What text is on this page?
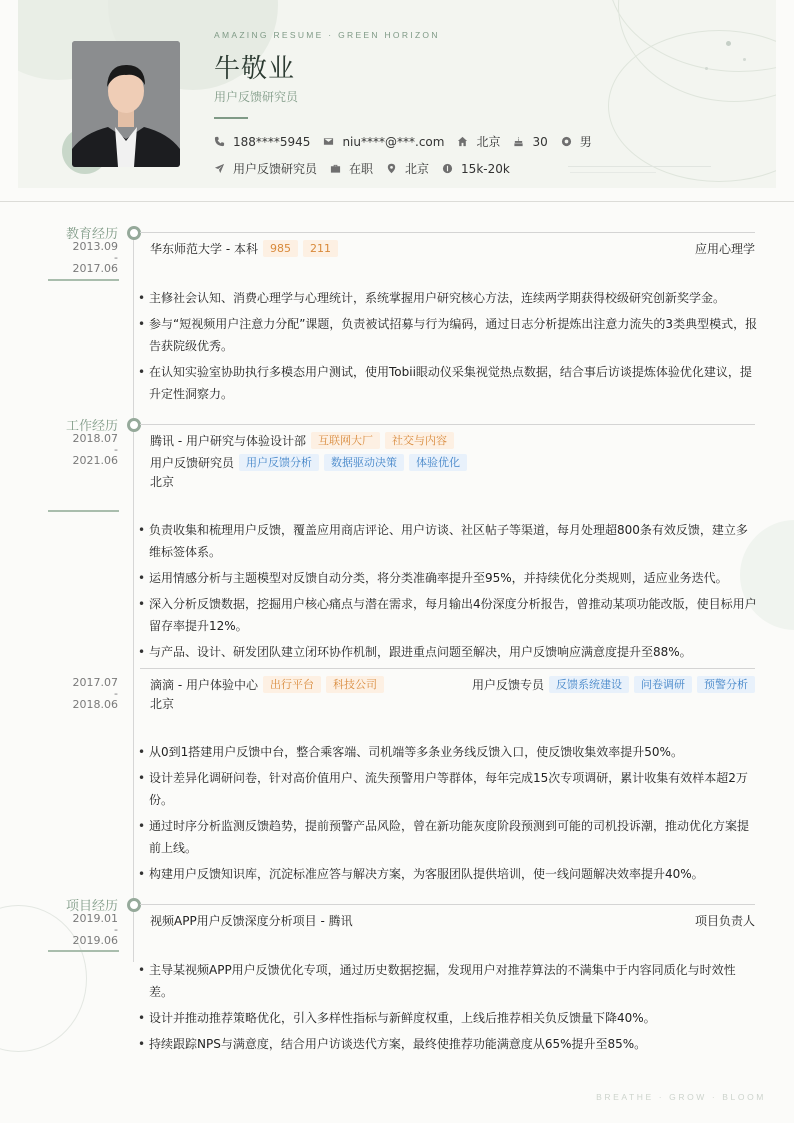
AMAZING RESUME · GREEN HORIZON
牛敬业
用户反馈研究员
188****5945	niu****@***.com	北京	30	男
用户反馈研究员	在职	北京	15k-20k
教育经历
2013.09
-
2017.06
华东师范大学 - 本科	985	211	应用心理学
• 主修社会认知、消费心理学与心理统计，系统掌握用户研究核心方法，连续两学期获得校级研究创新奖学金。
• 参与“短视频用户注意力分配”课题，负责被试招募与行为编码，通过日志分析提炼出注意力流失的3类典型模式，报告获院级优秀。
• 在认知实验室协助执行多模态用户测试，使用Tobii眼动仪采集视觉热点数据，结合事后访谈提炼体验优化建议，提升定性洞察力。
工作经历
2018.07
-
2021.06
腾讯 - 用户研究与体验设计部	互联网大厂	社交与内容
用户反馈研究员	用户反馈分析	数据驱动决策	体验优化
北京
• 负责收集和梳理用户反馈，覆盖应用商店评论、用户访谈、社区帖子等渠道，每月处理超800条有效反馈，建立多维标签体系。
• 运用情感分析与主题模型对反馈自动分类，将分类准确率提升至95%，并持续优化分类规则，适应业务迭代。
• 深入分析反馈数据，挖掘用户核心痛点与潜在需求，每月输出4份深度分析报告，曾推动某项功能改版，使目标用户留存率提升12%。
• 与产品、设计、研发团队建立闭环协作机制，跟进重点问题至解决，用户反馈响应满意度提升至88%。
2017.07
-
2018.06
滴滴 - 用户体验中心	出行平台	科技公司	用户反馈专员	反馈系统建设	问卷调研	预警分析
北京
• 从0到1搭建用户反馈中台，整合乘客端、司机端等多条业务线反馈入口，使反馈收集效率提升50%。
• 设计差异化调研问卷，针对高价值用户、流失预警用户等群体，每年完成15次专项调研，累计收集有效样本超2万份。
• 通过时序分析监测反馈趋势，提前预警产品风险，曾在新功能灰度阶段预测到可能的司机投诉潮，推动优化方案提前上线。
• 构建用户反馈知识库，沉淀标准应答与解决方案，为客服团队提供培训，使一线问题解决效率提升40%。
项目经历
2019.01
-
2019.06
视频APP用户反馈深度分析项目 - 腾讯	项目负责人
• 主导某视频APP用户反馈优化专项，通过历史数据挖掘，发现用户对推荐算法的不满集中于内容同质化与时效性差。
• 设计并推动推荐策略优化，引入多样性指标与新鲜度权重，上线后推荐相关负反馈量下降40%。
• 持续跟踪NPS与满意度，结合用户访谈迭代方案，最终使推荐功能满意度从65%提升至85%。
BREATHE · GROW · BLOOM
